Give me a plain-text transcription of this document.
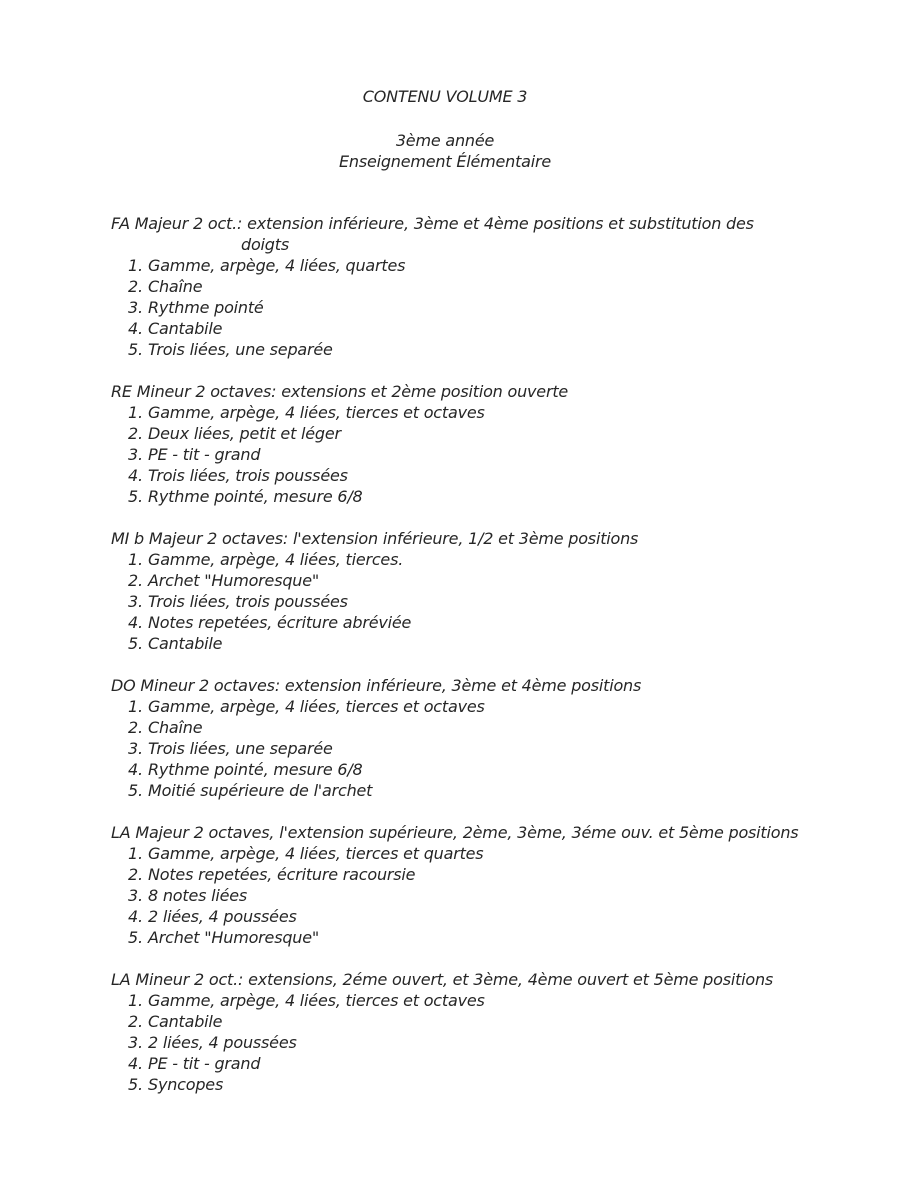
CONTENU VOLUME 3
3ème année
Enseignement Élémentaire
FA Majeur 2 oct.: extension inférieure, 3ème et 4ème positions et substitution des
doigts
1. Gamme, arpège, 4 liées, quartes
2. Chaîne
3. Rythme pointé
4. Cantabile
5. Trois liées, une separée
RE Mineur 2 octaves: extensions et 2ème position ouverte
1. Gamme, arpège, 4 liées, tierces et octaves
2. Deux liées, petit et léger
3. PE - tit - grand
4. Trois liées, trois poussées
5. Rythme pointé, mesure 6/8
MI b Majeur 2 octaves: l'extension inférieure, 1/2 et 3ème positions
1. Gamme, arpège, 4 liées, tierces.
2. Archet "Humoresque"
3. Trois liées, trois poussées
4. Notes repetées, écriture abréviée
5. Cantabile
DO Mineur 2 octaves: extension inférieure, 3ème et 4ème positions
1. Gamme, arpège, 4 liées, tierces et octaves
2. Chaîne
3. Trois liées, une separée
4. Rythme pointé, mesure 6/8
5. Moitié supérieure de l'archet
LA Majeur 2 octaves, l'extension supérieure, 2ème, 3ème, 3éme ouv. et 5ème positions
1. Gamme, arpège, 4 liées, tierces et quartes
2. Notes repetées, écriture racoursie
3. 8 notes liées
4. 2 liées, 4 poussées
5. Archet "Humoresque"
LA Mineur 2 oct.: extensions, 2éme ouvert, et 3ème, 4ème ouvert et 5ème positions
1. Gamme, arpège, 4 liées, tierces et octaves
2. Cantabile
3. 2 liées, 4 poussées
4. PE - tit - grand
5. Syncopes
